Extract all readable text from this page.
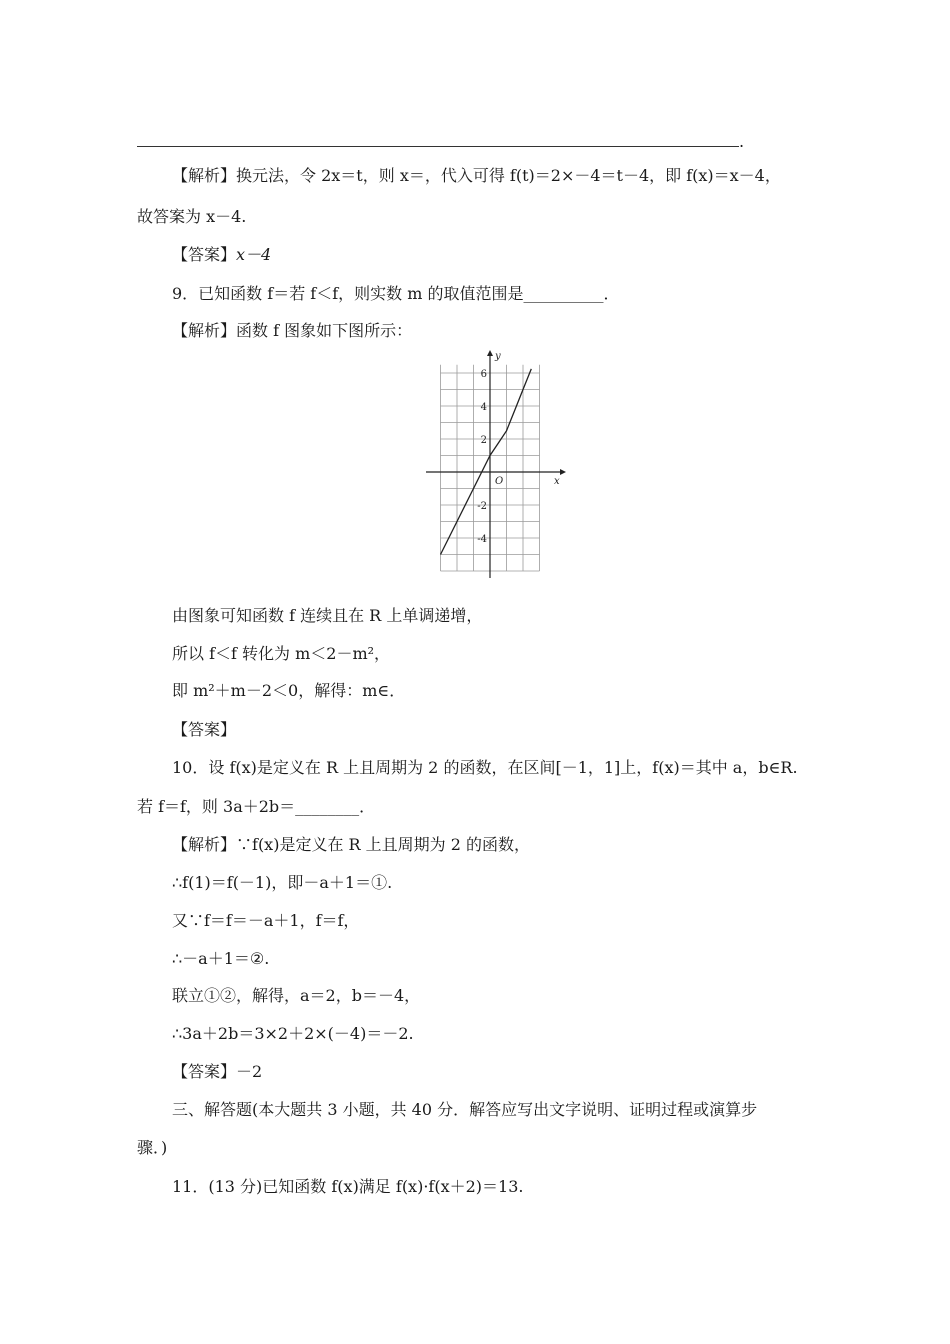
.
【解析】换元法，令 2x＝t，则 x＝，代入可得 f(t)＝2×－4＝t－4，即 f(x)＝x－4，
故答案为 x－4.
【答案】x－4
9．已知函数 f＝若 f＜f，则实数 m 的取值范围是__________．
【解析】函数 f 图象如下图所示：
x
y
O
6
4
2
-2
-4
由图象可知函数 f 连续且在 R 上单调递增，
所以 f＜f 转化为 m＜2－m²，
即 m²＋m－2＜0，解得：m∈．
【答案】
10．设 f(x)是定义在 R 上且周期为 2 的函数，在区间[－1，1]上，f(x)＝其中 a，b∈R.
若 f＝f，则 3a＋2b＝________．
【解析】∵f(x)是定义在 R 上且周期为 2 的函数，
∴f(1)＝f(－1)，即－a＋1＝①.
又∵f＝f＝－a＋1，f＝f，
∴－a＋1＝②.
联立①②，解得，a＝2，b＝－4，
∴3a＋2b＝3×2＋2×(－4)＝－2.
【答案】－2
三、解答题(本大题共 3 小题，共 40 分．解答应写出文字说明、证明过程或演算步
骤．)
11．(13 分)已知函数 f(x)满足 f(x)·f(x＋2)＝13.
